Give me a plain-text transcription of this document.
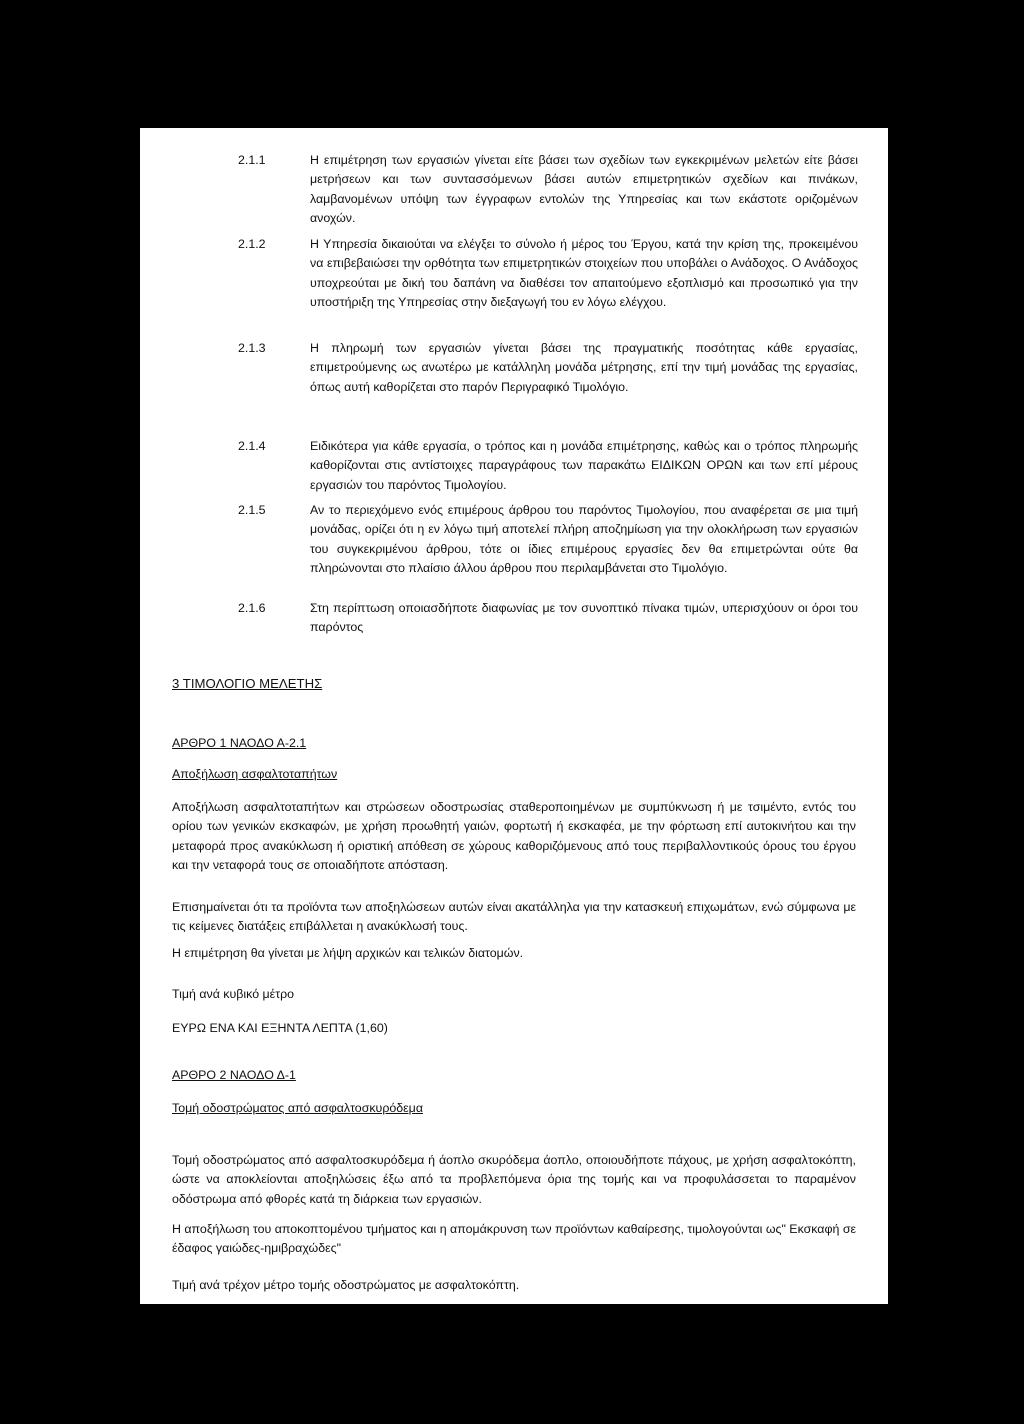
2.1.1	Η επιμέτρηση των εργασιών γίνεται είτε βάσει των σχεδίων των εγκεκριμένων μελετών είτε βάσει μετρήσεων και των συντασσόμενων βάσει αυτών επιμετρητικών σχεδίων και πινάκων, λαμβανομένων υπόψη των έγγραφων εντολών της Υπηρεσίας και των εκάστοτε οριζομένων ανοχών.
2.1.2	Η Υπηρεσία δικαιούται να ελέγξει το σύνολο ή μέρος του Έργου, κατά την κρίση της, προκειμένου να επιβεβαιώσει την ορθότητα των επιμετρητικών στοιχείων που υποβάλει ο Ανάδοχος. Ο Ανάδοχος υποχρεούται με δική του δαπάνη να διαθέσει τον απαιτούμενο εξοπλισμό και προσωπικό για την υποστήριξη της Υπηρεσίας στην διεξαγωγή του εν λόγω ελέγχου.
2.1.3	Η πληρωμή των εργασιών γίνεται βάσει της πραγματικής ποσότητας κάθε εργασίας, επιμετρούμενης ως ανωτέρω με κατάλληλη μονάδα μέτρησης, επί την τιμή μονάδας της εργασίας, όπως αυτή καθορίζεται στο παρόν Περιγραφικό Τιμολόγιο.
2.1.4	Ειδικότερα για κάθε εργασία, ο τρόπος και η μονάδα επιμέτρησης, καθώς και ο τρόπος πληρωμής καθορίζονται στις αντίστοιχες παραγράφους των παρακάτω ΕΙΔΙΚΩΝ ΟΡΩΝ και των επί μέρους εργασιών του παρόντος Τιμολογίου.
2.1.5	Αν το περιεχόμενο ενός επιμέρους άρθρου του παρόντος Τιμολογίου, που αναφέρεται σε μια τιμή μονάδας, ορίζει ότι η εν λόγω τιμή αποτελεί πλήρη αποζημίωση για την ολοκλήρωση των εργασιών του συγκεκριμένου άρθρου, τότε οι ίδιες επιμέρους εργασίες δεν θα επιμετρώνται ούτε θα πληρώνονται στο πλαίσιο άλλου άρθρου που περιλαμβάνεται στο Τιμολόγιο.
2.1.6	Στη περίπτωση οποιασδήποτε διαφωνίας με τον συνοπτικό πίνακα τιμών, υπερισχύουν οι όροι του παρόντος
3 ΤΙΜΟΛΟΓΙΟ ΜΕΛΕΤΗΣ
ΑΡΘΡΟ 1 ΝΑΟΔΟ Α-2.1
Αποξήλωση ασφαλτοταπήτων
Αποξήλωση ασφαλτοταπήτων και στρώσεων οδοστρωσίας σταθεροποιημένων με συμπύκνωση ή με τσιμέντο, εντός του ορίου των γενικών εκσκαφών, με χρήση προωθητή γαιών, φορτωτή ή εκσκαφέα, με την φόρτωση επί αυτοκινήτου και την μεταφορά προς ανακύκλωση ή οριστική απόθεση σε χώρους καθοριζόμενους από τους περιβαλλοντικούς όρους του έργου και την νεταφορά τους σε οποιαδήποτε απόσταση.
Επισημαίνεται ότι τα προϊόντα των αποξηλώσεων αυτών είναι ακατάλληλα για την κατασκευή επιχωμάτων, ενώ σύμφωνα με τις κείμενες διατάξεις επιβάλλεται η ανακύκλωσή τους.
Η επιμέτρηση θα γίνεται με λήψη αρχικών και τελικών διατομών.
Τιμή ανά κυβικό μέτρο
ΕΥΡΩ ΕΝΑ ΚΑΙ ΕΞΗΝΤΑ ΛΕΠΤΑ (1,60)
ΑΡΘΡΟ 2 ΝΑΟΔΟ Δ-1
Τομή οδοστρώματος από ασφαλτοσκυρόδεμα
Τομή οδοστρώματος από ασφαλτοσκυρόδεμα ή άοπλο σκυρόδεμα άοπλο, οποιουδήποτε πάχους, με χρήση ασφαλτοκόπτη, ώστε να αποκλείονται αποξηλώσεις έξω από τα προβλεπόμενα όρια της τομής και να προφυλάσσεται το παραμένον οδόστρωμα από φθορές κατά τη διάρκεια των εργασιών.
Η αποξήλωση του αποκοπτομένου τμήματος και η απομάκρυνση των προϊόντων καθαίρεσης, τιμολογούνται ως" Εκσκαφή σε έδαφος γαιώδες-ημιβραχώδες"
Τιμή ανά τρέχον μέτρο τομής οδοστρώματος με ασφαλτοκόπτη.
